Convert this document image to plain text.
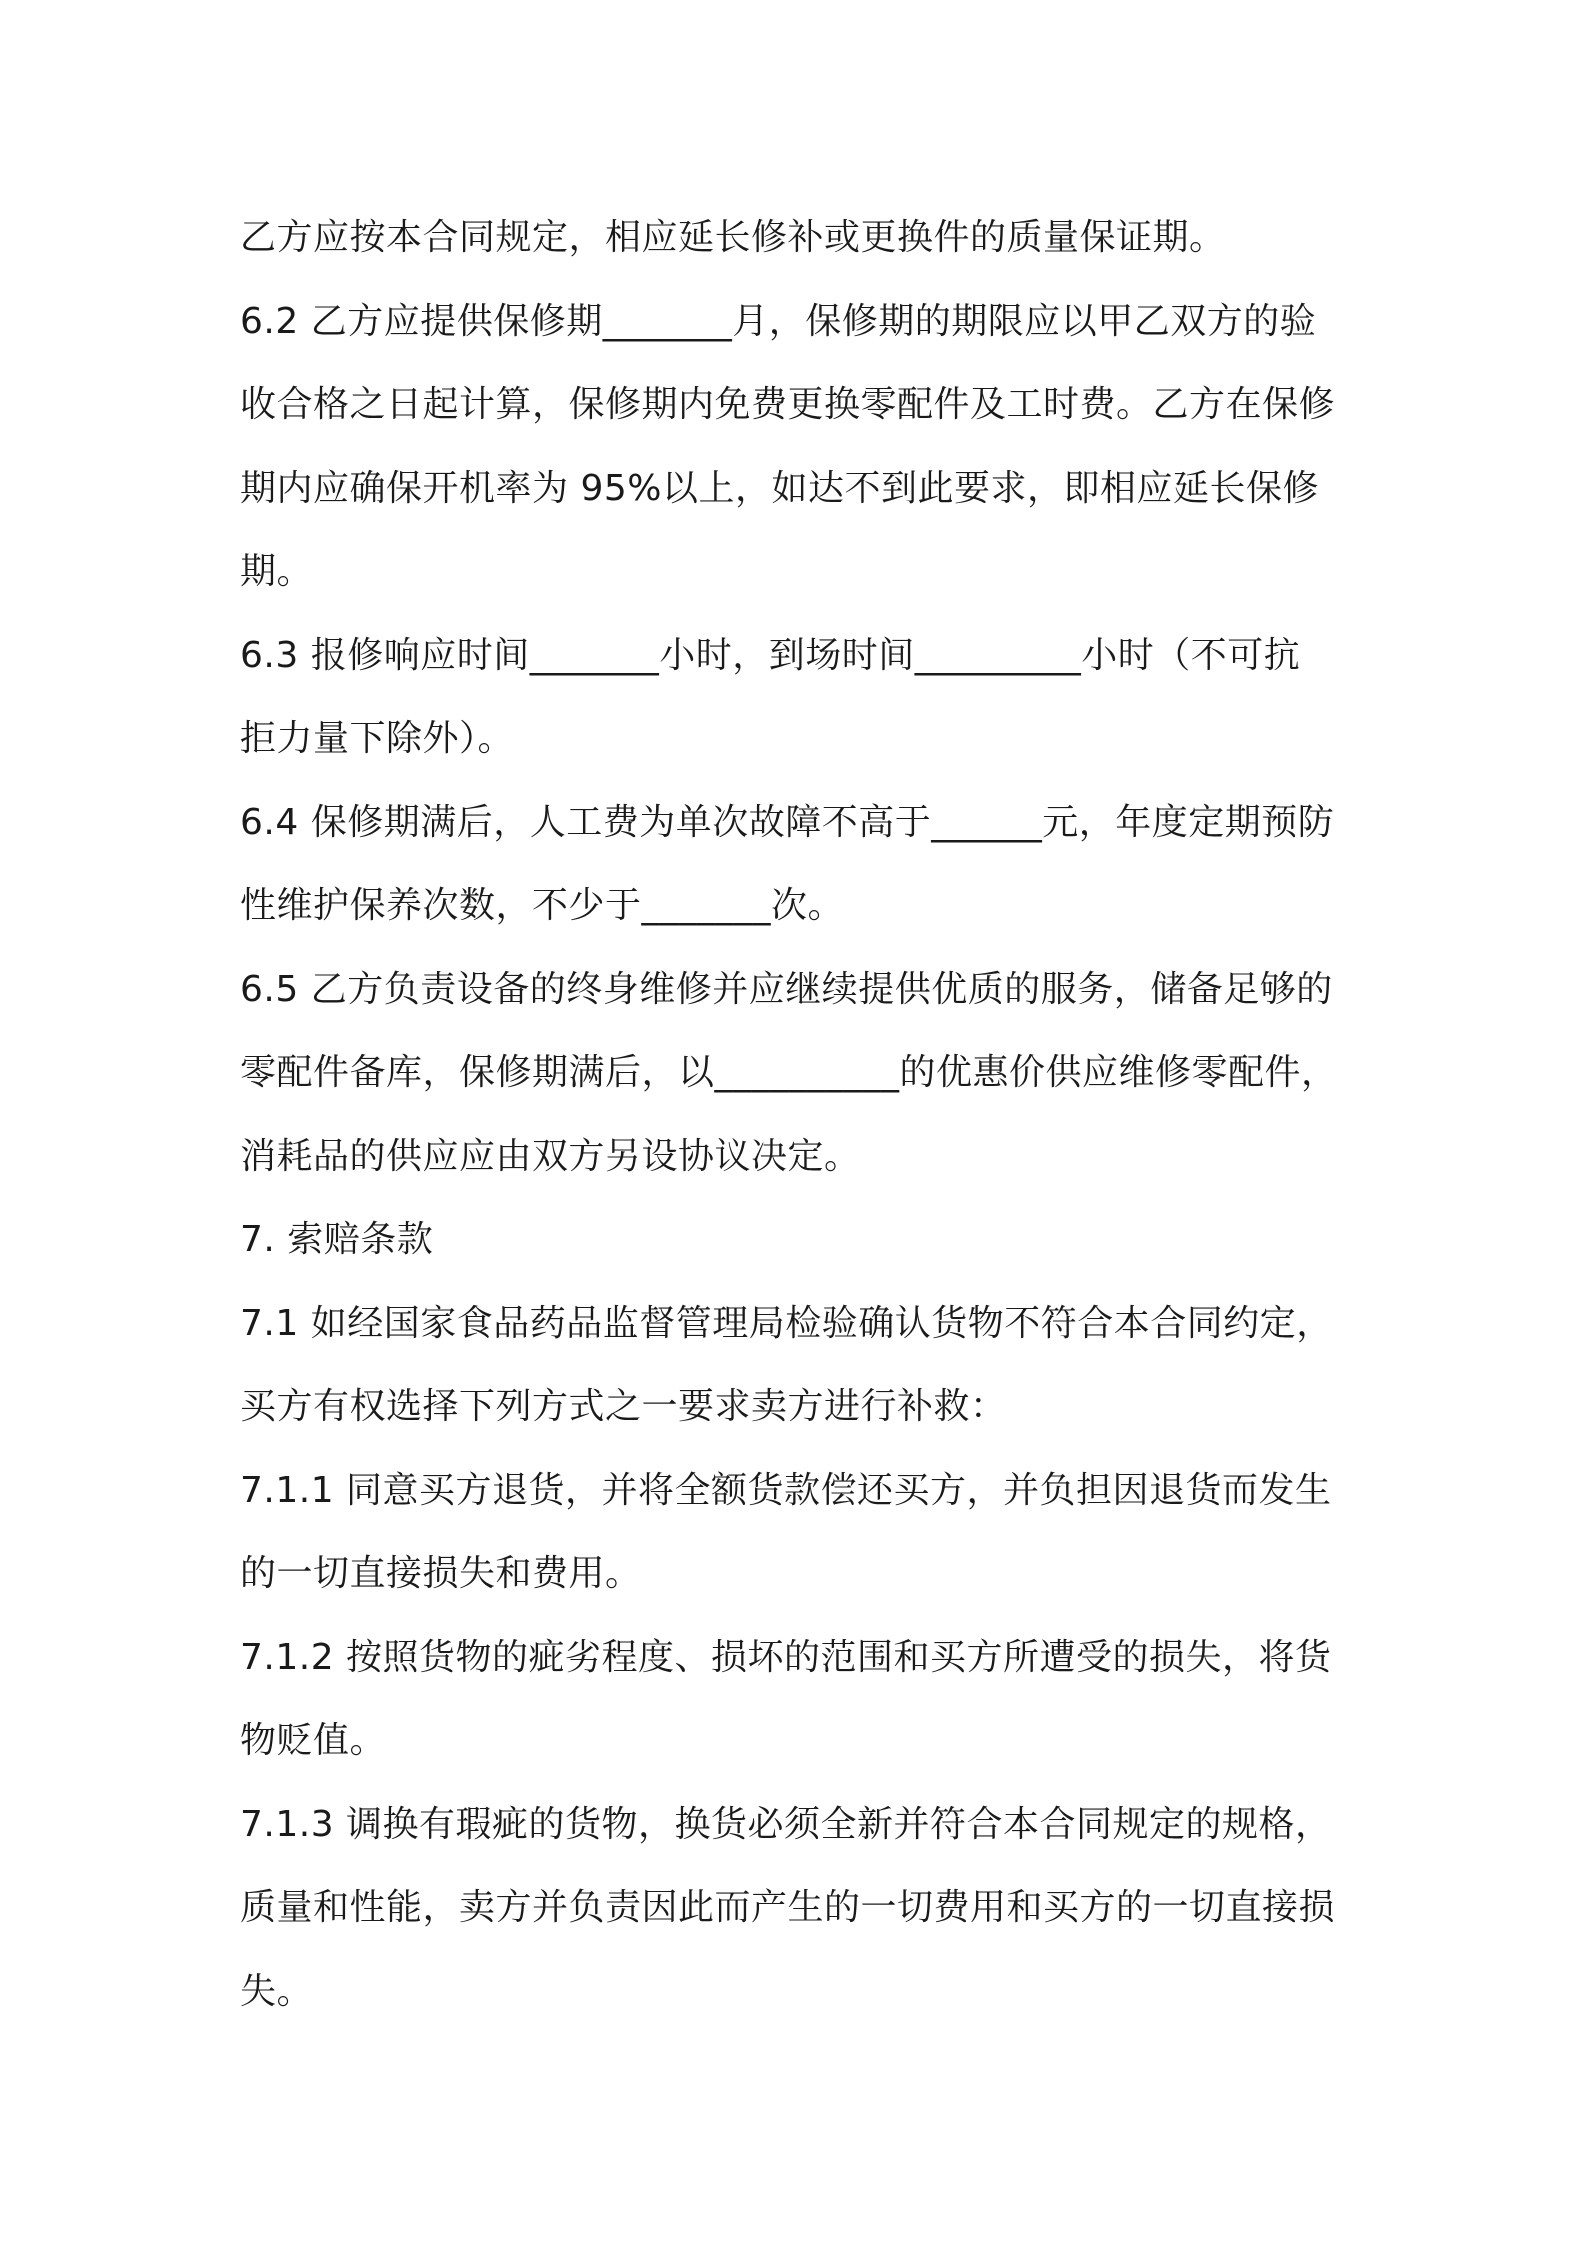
乙方应按本合同规定，相应延长修补或更换件的质量保证期。
6.2 乙方应提供保修期_______月，保修期的期限应以甲乙双方的验
收合格之日起计算，保修期内免费更换零配件及工时费。乙方在保修
期内应确保开机率为 95%以上，如达不到此要求，即相应延长保修
期。
6.3 报修响应时间_______小时，到场时间_________小时（不可抗
拒力量下除外）。
6.4 保修期满后，人工费为单次故障不高于______元，年度定期预防
性维护保养次数，不少于_______次。
6.5 乙方负责设备的终身维修并应继续提供优质的服务，储备足够的
零配件备库，保修期满后，以__________的优惠价供应维修零配件，
消耗品的供应应由双方另设协议决定。
7. 索赔条款
7.1 如经国家食品药品监督管理局检验确认货物不符合本合同约定，
买方有权选择下列方式之一要求卖方进行补救：
7.1.1 同意买方退货，并将全额货款偿还买方，并负担因退货而发生
的一切直接损失和费用。
7.1.2 按照货物的疵劣程度、损坏的范围和买方所遭受的损失，将货
物贬值。
7.1.3 调换有瑕疵的货物，换货必须全新并符合本合同规定的规格，
质量和性能，卖方并负责因此而产生的一切费用和买方的一切直接损
失。
